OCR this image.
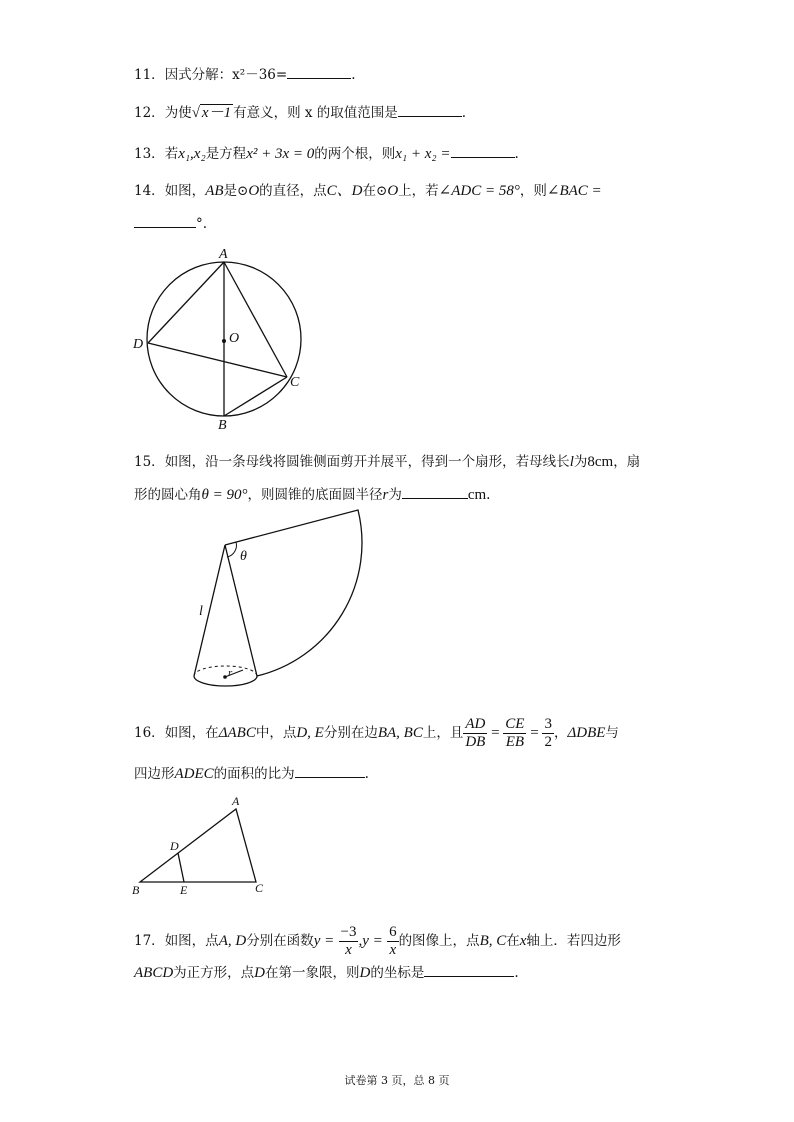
11．因式分解：x²－36=	.
12．为使√ x－1 有意义，则 x 的取值范围是	.
13．若x₁,x₂是方程x² + 3x = 0的两个根，则x₁ + x₂ =	.
14．如图，AB是⊙O的直径，点C、D在⊙O上，若∠ADC = 58°，则∠BAC =
°.
A
B
C
D	O
15．如图，沿一条母线将圆锥侧面剪开并展平，得到一个扇形，若母线长l为8cm，扇
形的圆心角θ = 90°，则圆锥的底面圆半径r为	cm.
θ
l
r
16．如图，在ΔABC中，点D, E分别在边BA, BC上，且 $\frac{AD}{DB} = \frac{CE}{EB} = \frac{3}{2}$ ，ΔDBE与
四边形ADEC的面积的比为	.
A
B	C
D
E
17．如图，点A, D分别在函数$y = \frac{-3}{x} ,y = \frac{6}{x}$ 的图像上，点B, C在x轴上．若四边形
ABCD为正方形，点D在第一象限，则D的坐标是	.
试卷第 3 页，总 8 页
